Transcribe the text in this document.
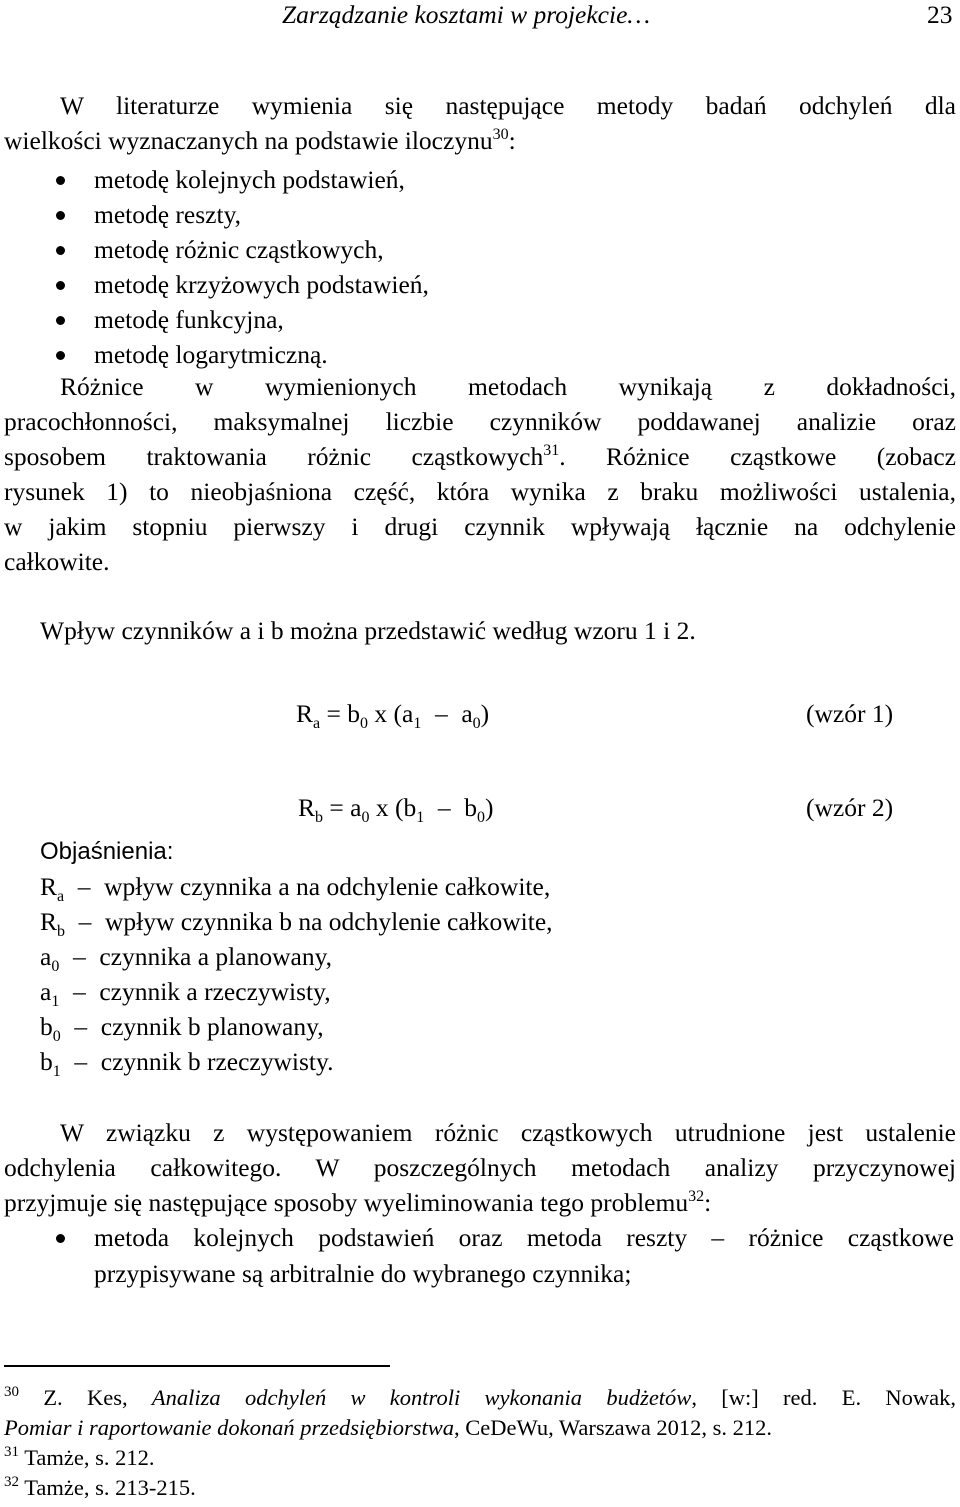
Zarządzanie kosztami w projekcie…	23
W literaturze wymienia się następujące metody badań odchyleń dla
wielkości wyznaczanych na podstawie iloczynu$^{30}$:
metodę kolejnych podstawień,
metodę reszty,
metodę różnic cząstkowych,
metodę krzyżowych podstawień,
metodę funkcyjna,
metodę logarytmiczną.
Różnice w wymienionych metodach wynikają z dokładności,
pracochłonności, maksymalnej liczbie czynników poddawanej analizie oraz
sposobem traktowania różnic cząstkowych$^{31}$. Różnice cząstkowe (zobacz
rysunek 1) to nieobjaśniona część, która wynika z braku możliwości ustalenia,
w jakim stopniu pierwszy i drugi czynnik wpływają łącznie na odchylenie
całkowite.
Wpływ czynników a i b można przedstawić według wzoru 1 i 2.
$R_a = b_0$ x $(a_1 - a_0)$	(wzór 1)
$R_b = a_0$ x $(b_1 - b_0)$	(wzór 2)
Objaśnienia:
$R_a$ – wpływ czynnika a na odchylenie całkowite,
$R_b$ – wpływ czynnika b na odchylenie całkowite,
$a_0$ – czynnika a planowany,
$a_1$ – czynnik a rzeczywisty,
$b_0$ – czynnik b planowany,
$b_1$ – czynnik b rzeczywisty.
W związku z występowaniem różnic cząstkowych utrudnione jest ustalenie
odchylenia całkowitego. W poszczególnych metodach analizy przyczynowej
przyjmuje się następujące sposoby wyeliminowania tego problemu$^{32}$:
metoda kolejnych podstawień oraz metoda reszty – różnice cząstkowe
przypisywane są arbitralnie do wybranego czynnika;
$^{30}$ Z. Kes, Analiza odchyleń w kontroli wykonania budżetów, [w:] red. E. Nowak,
Pomiar i raportowanie dokonań przedsiębiorstwa, CeDeWu, Warszawa 2012, s. 212.
$^{31}$ Tamże, s. 212.
$^{32}$ Tamże, s. 213-215.
